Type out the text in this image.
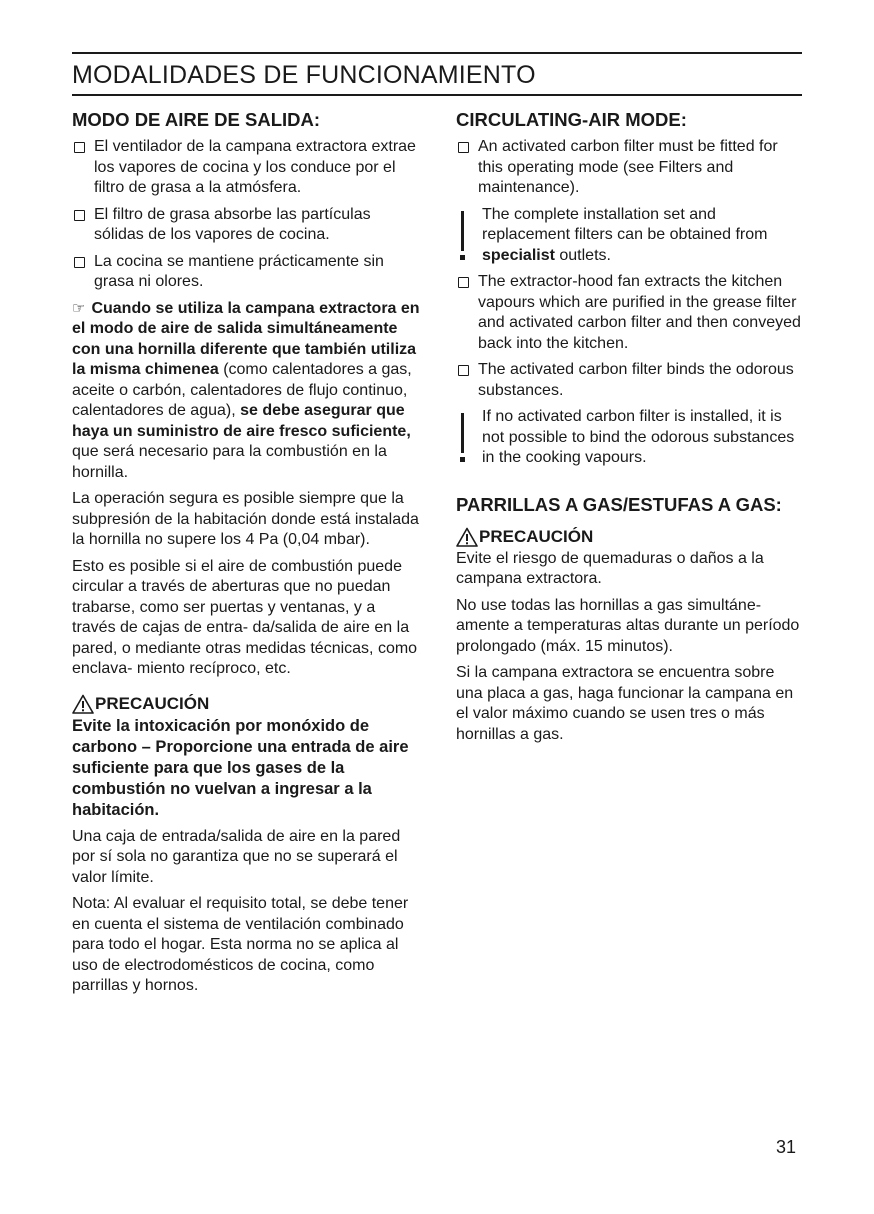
MODALIDADES DE FUNCIONAMIENTO
MODO DE AIRE DE SALIDA:
El ventilador de la campana extractora extrae los vapores de cocina y los conduce por el filtro de grasa a la atmósfera.
El filtro de grasa absorbe las partículas sólidas de los vapores de cocina.
La cocina se mantiene prácticamente sin grasa ni olores.

☞ Cuando se utiliza la campana extractora en el modo de aire de salida simultáneamente con una hornilla diferente que también utiliza la misma chimenea (como calentadores a gas, aceite o carbón, calentadores de flujo continuo, calentadores de agua), se debe asegurar que haya un suministro de aire fresco suficiente, que será necesario para la combustión en la hornilla.

La operación segura es posible siempre que la subpresión de la habitación donde está instalada la hornilla no supere los 4 Pa (0,04 mbar).

Esto es posible si el aire de combustión puede circular a través de aberturas que no puedan trabarse, como ser puertas y ventanas, y a través de cajas de entra- da/salida de aire en la pared, o mediante otras medidas técnicas, como enclava- miento recíproco, etc.

PRECAUCIÓN

Evite la intoxicación por monóxido de carbono – Proporcione una entrada de aire suficiente para que los gases de la combustión no vuelvan a ingresar a la habitación.

Una caja de entrada/salida de aire en la pared por sí sola no garantiza que no se superará el valor límite.

Nota: Al evaluar el requisito total, se debe tener en cuenta el sistema de ventilación combinado para todo el hogar. Esta norma no se aplica al uso de electrodomésticos de cocina, como parrillas y hornos.

CIRCULATING-AIR MODE:
An activated carbon filter must be fitted for this operating mode (see Filters and maintenance).
The complete installation set and replacement filters can be obtained from specialist outlets.
The extractor-hood fan extracts the kitchen vapours which are purified in the grease filter and activated carbon filter and then conveyed back into the kitchen.
The activated carbon filter binds the odorous substances.
If no activated carbon filter is installed, it is not possible to bind the odorous substances in the cooking vapours.
PARRILLAS A GAS/ESTUFAS A GAS:
PRECAUCIÓN

Evite el riesgo de quemaduras o daños a la campana extractora.

No use todas las hornillas a gas simultáne- amente a temperaturas altas durante un período prolongado (máx. 15 minutos).

Si la campana extractora se encuentra sobre una placa a gas, haga funcionar la campana en el valor máximo cuando se usen tres o más hornillas a gas.

31
